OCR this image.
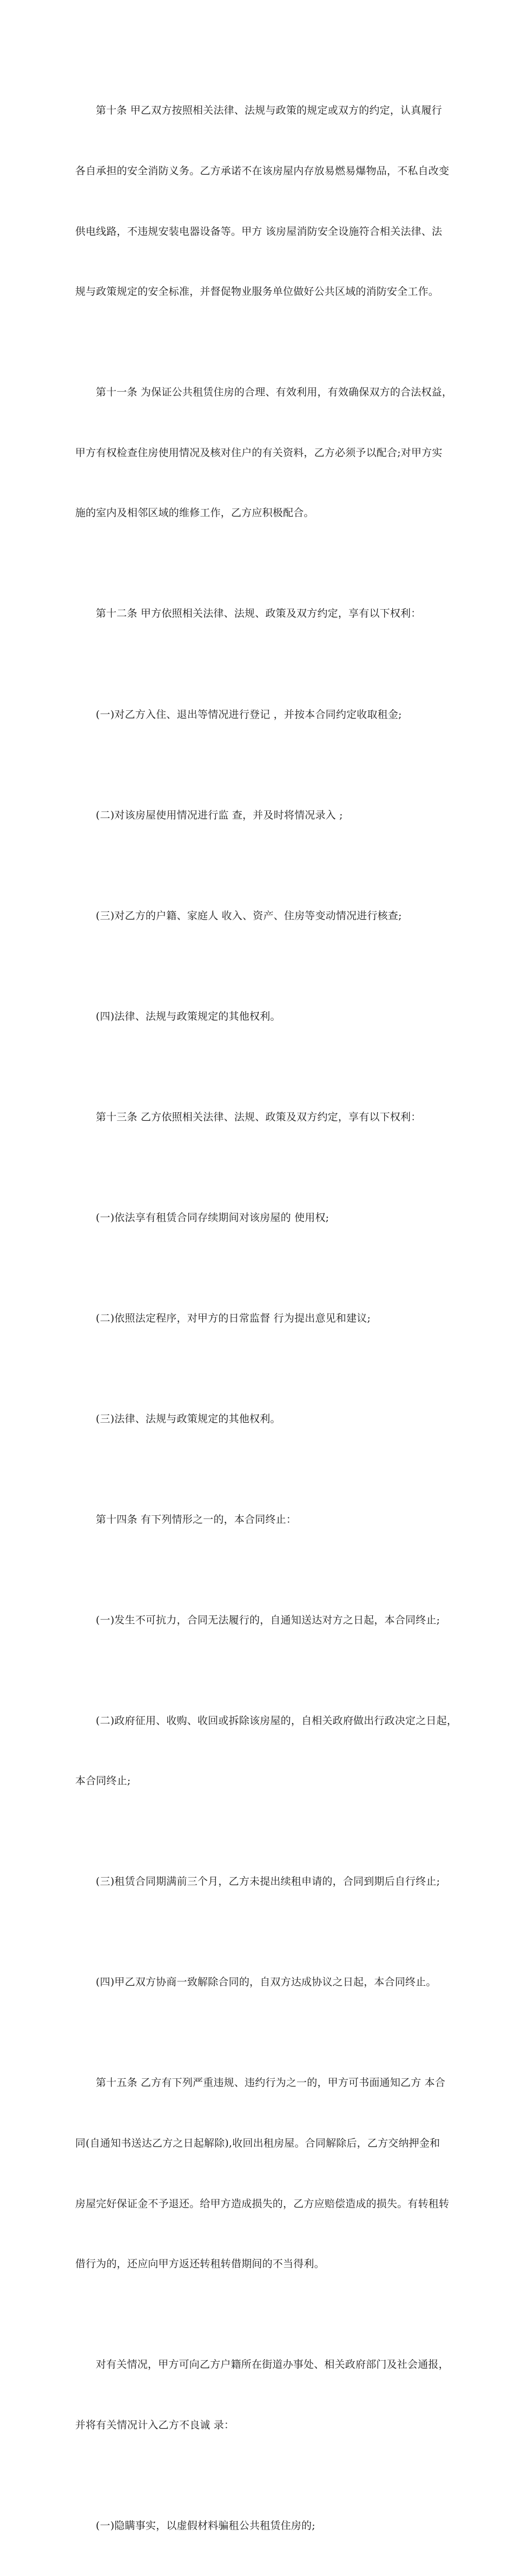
第十条 甲乙双方按照相关法律、法规与政策的规定或双方的约定，认真履行

各自承担的安全消防义务。乙方承诺不在该房屋内存放易燃易爆物品，不私自改变

供电线路，不违规安装电器设备等。甲方 该房屋消防安全设施符合相关法律、法

规与政策规定的安全标准，并督促物业服务单位做好公共区域的消防安全工作。

第十一条 为保证公共租赁住房的合理、有效利用，有效确保双方的合法权益，

甲方有权检查住房使用情况及核对住户的有关资料，乙方必须予以配合;对甲方实

施的室内及相邻区域的维修工作，乙方应积极配合。

第十二条 甲方依照相关法律、法规、政策及双方约定，享有以下权利：

(一)对乙方入住、退出等情况进行登记 ，并按本合同约定收取租金;

(二)对该房屋使用情况进行监 查，并及时将情况录入 ;

(三)对乙方的户籍、家庭人 收入、资产、住房等变动情况进行核查;

(四)法律、法规与政策规定的其他权利。

第十三条 乙方依照相关法律、法规、政策及双方约定，享有以下权利：

(一)依法享有租赁合同存续期间对该房屋的 使用权;

(二)依照法定程序，对甲方的日常监督 行为提出意见和建议;

(三)法律、法规与政策规定的其他权利。

第十四条 有下列情形之一的，本合同终止：

(一)发生不可抗力，合同无法履行的，自通知送达对方之日起，本合同终止;

(二)政府征用、收购、收回或拆除该房屋的，自相关政府做出行政决定之日起，

本合同终止;

(三)租赁合同期满前三个月，乙方未提出续租申请的，合同到期后自行终止;

(四)甲乙双方协商一致解除合同的，自双方达成协议之日起，本合同终止。

第十五条 乙方有下列严重违规、违约行为之一的，甲方可书面通知乙方 本合

同(自通知书送达乙方之日起解除),收回出租房屋。合同解除后，乙方交纳押金和

房屋完好保证金不予退还。给甲方造成损失的，乙方应赔偿造成的损失。有转租转

借行为的，还应向甲方返还转租转借期间的不当得利。

对有关情况，甲方可向乙方户籍所在街道办事处、相关政府部门及社会通报，

并将有关情况计入乙方不良诚 录：

(一)隐瞒事实，以虚假材料骗租公共租赁住房的;
